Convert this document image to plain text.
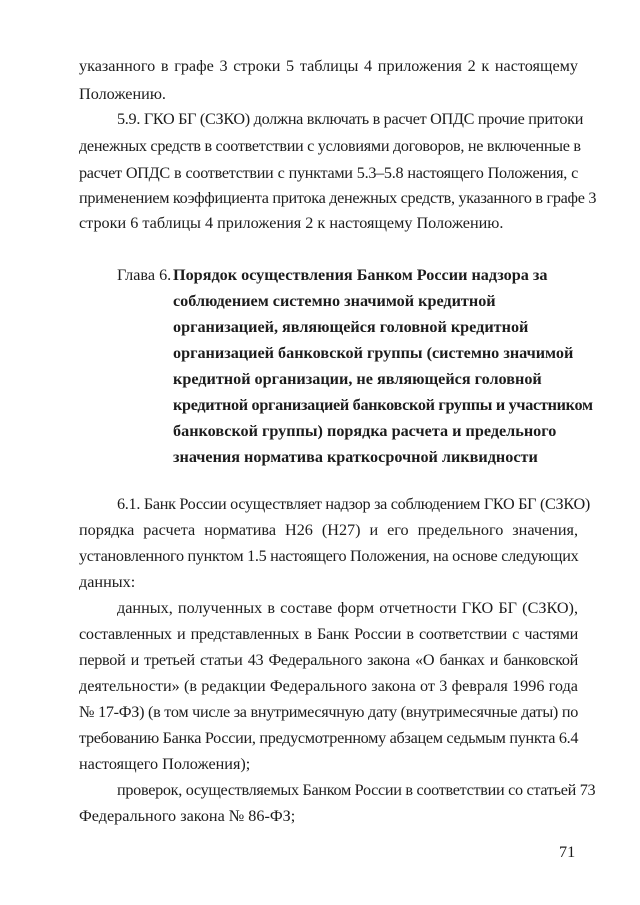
указанного в графе 3 строки 5 таблицы 4 приложения 2 к настоящему
Положению.
5.9. ГКО БГ (СЗКО) должна включать в расчет ОПДС прочие притоки
денежных средств в соответствии с условиями договоров, не включенные в
расчет ОПДС в соответствии с пунктами 5.3–5.8 настоящего Положения, с
применением коэффициента притока денежных средств, указанного в графе 3
строки 6 таблицы 4 приложения 2 к настоящему Положению.
Глава 6. Порядок осуществления Банком России надзора за
соблюдением системно значимой кредитной
организацией, являющейся головной кредитной
организацией банковской группы (системно значимой
кредитной организации, не являющейся головной
кредитной организацией банковской группы и участником
банковской группы) порядка расчета и предельного
значения норматива краткосрочной ликвидности
6.1. Банк России осуществляет надзор за соблюдением ГКО БГ (СЗКО)
порядка расчета норматива Н26 (Н27) и его предельного значения,
установленного пунктом 1.5 настоящего Положения, на основе следующих
данных:
данных, полученных в составе форм отчетности ГКО БГ (СЗКО),
составленных и представленных в Банк России в соответствии с частями
первой и третьей статьи 43 Федерального закона «О банках и банковской
деятельности» (в редакции Федерального закона от 3 февраля 1996 года
№ 17-ФЗ) (в том числе за внутримесячную дату (внутримесячные даты) по
требованию Банка России, предусмотренному абзацем седьмым пункта 6.4
настоящего Положения);
проверок, осуществляемых Банком России в соответствии со статьей 73
Федерального закона № 86-ФЗ;
71
